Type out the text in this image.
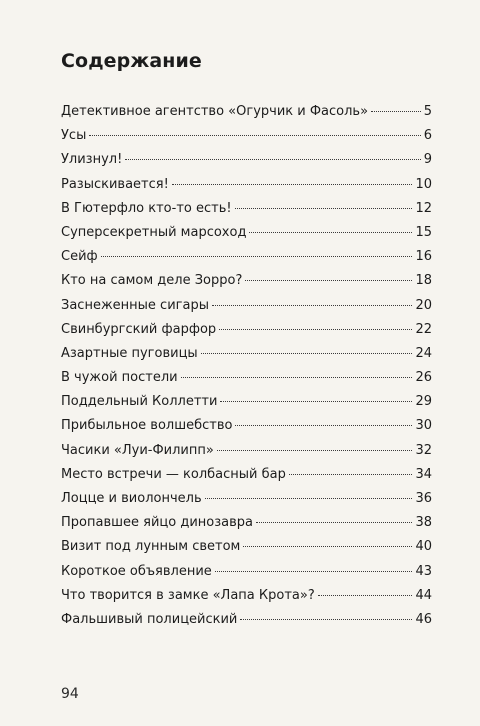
Содержание
Детективное агентство «Огурчик и Фасоль»	5
Усы	6
Улизнул!	9
Разыскивается!	10
В Гютерфло кто-то есть!	12
Суперсекретный марсоход	15
Сейф	16
Кто на самом деле Зорро?	18
Заснеженные сигары	20
Свинбургский фарфор	22
Азартные пуговицы	24
В чужой постели	26
Поддельный Коллетти	29
Прибыльное волшебство	30
Часики «Луи-Филипп»	32
Место встречи — колбасный бар	34
Лоцце и виолончель	36
Пропавшее яйцо динозавра	38
Визит под лунным светом	40
Короткое объявление	43
Что творится в замке «Лапа Крота»?	44
Фальшивый полицейский	46
94
